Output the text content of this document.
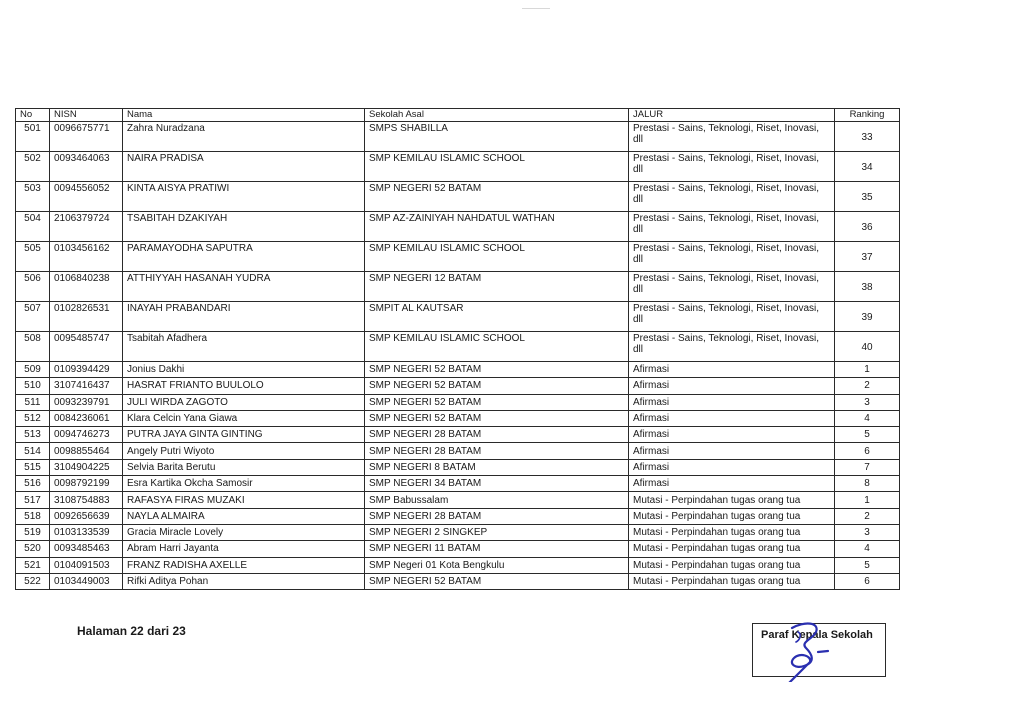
No	NISN	Nama	Sekolah Asal	JALUR	Ranking
501	0096675771	Zahra Nuradzana	SMPS SHABILLA	Prestasi - Sains, Teknologi, Riset, Inovasi, dll	33
502	0093464063	NAIRA PRADISA	SMP KEMILAU ISLAMIC SCHOOL	Prestasi - Sains, Teknologi, Riset, Inovasi, dll	34
503	0094556052	KINTA AISYA PRATIWI	SMP NEGERI 52 BATAM	Prestasi - Sains, Teknologi, Riset, Inovasi, dll	35
504	2106379724	TSABITAH DZAKIYAH	SMP AZ-ZAINIYAH NAHDATUL WATHAN	Prestasi - Sains, Teknologi, Riset, Inovasi, dll	36
505	0103456162	PARAMAYODHA SAPUTRA	SMP KEMILAU ISLAMIC SCHOOL	Prestasi - Sains, Teknologi, Riset, Inovasi, dll	37
506	0106840238	ATTHIYYAH HASANAH YUDRA	SMP NEGERI 12 BATAM	Prestasi - Sains, Teknologi, Riset, Inovasi, dll	38
507	0102826531	INAYAH PRABANDARI	SMPIT AL KAUTSAR	Prestasi - Sains, Teknologi, Riset, Inovasi, dll	39
508	0095485747	Tsabitah Afadhera	SMP KEMILAU ISLAMIC SCHOOL	Prestasi - Sains, Teknologi, Riset, Inovasi, dll	40
509	0109394429	Jonius Dakhi	SMP NEGERI 52 BATAM	Afirmasi	1
510	3107416437	HASRAT FRIANTO BUULOLO	SMP NEGERI 52 BATAM	Afirmasi	2
511	0093239791	JULI WIRDA ZAGOTO	SMP NEGERI 52 BATAM	Afirmasi	3
512	0084236061	Klara Celcin Yana Giawa	SMP NEGERI 52 BATAM	Afirmasi	4
513	0094746273	PUTRA JAYA GINTA GINTING	SMP NEGERI 28 BATAM	Afirmasi	5
514	0098855464	Angely Putri Wiyoto	SMP NEGERI 28 BATAM	Afirmasi	6
515	3104904225	Selvia Barita Berutu	SMP NEGERI 8 BATAM	Afirmasi	7
516	0098792199	Esra Kartika Okcha Samosir	SMP NEGERI 34 BATAM	Afirmasi	8
517	3108754883	RAFASYA FIRAS MUZAKI	SMP Babussalam	Mutasi - Perpindahan tugas orang tua	1
518	0092656639	NAYLA ALMAIRA	SMP NEGERI 28 BATAM	Mutasi - Perpindahan tugas orang tua	2
519	0103133539	Gracia Miracle Lovely	SMP NEGERI 2 SINGKEP	Mutasi - Perpindahan tugas orang tua	3
520	0093485463	Abram Harri Jayanta	SMP NEGERI 11 BATAM	Mutasi - Perpindahan tugas orang tua	4
521	0104091503	FRANZ RADISHA AXELLE	SMP Negeri 01 Kota Bengkulu	Mutasi - Perpindahan tugas orang tua	5
522	0103449003	Rifki Aditya Pohan	SMP NEGERI 52 BATAM	Mutasi - Perpindahan tugas orang tua	6
Halaman 22 dari 23	Paraf Kepala Sekolah
